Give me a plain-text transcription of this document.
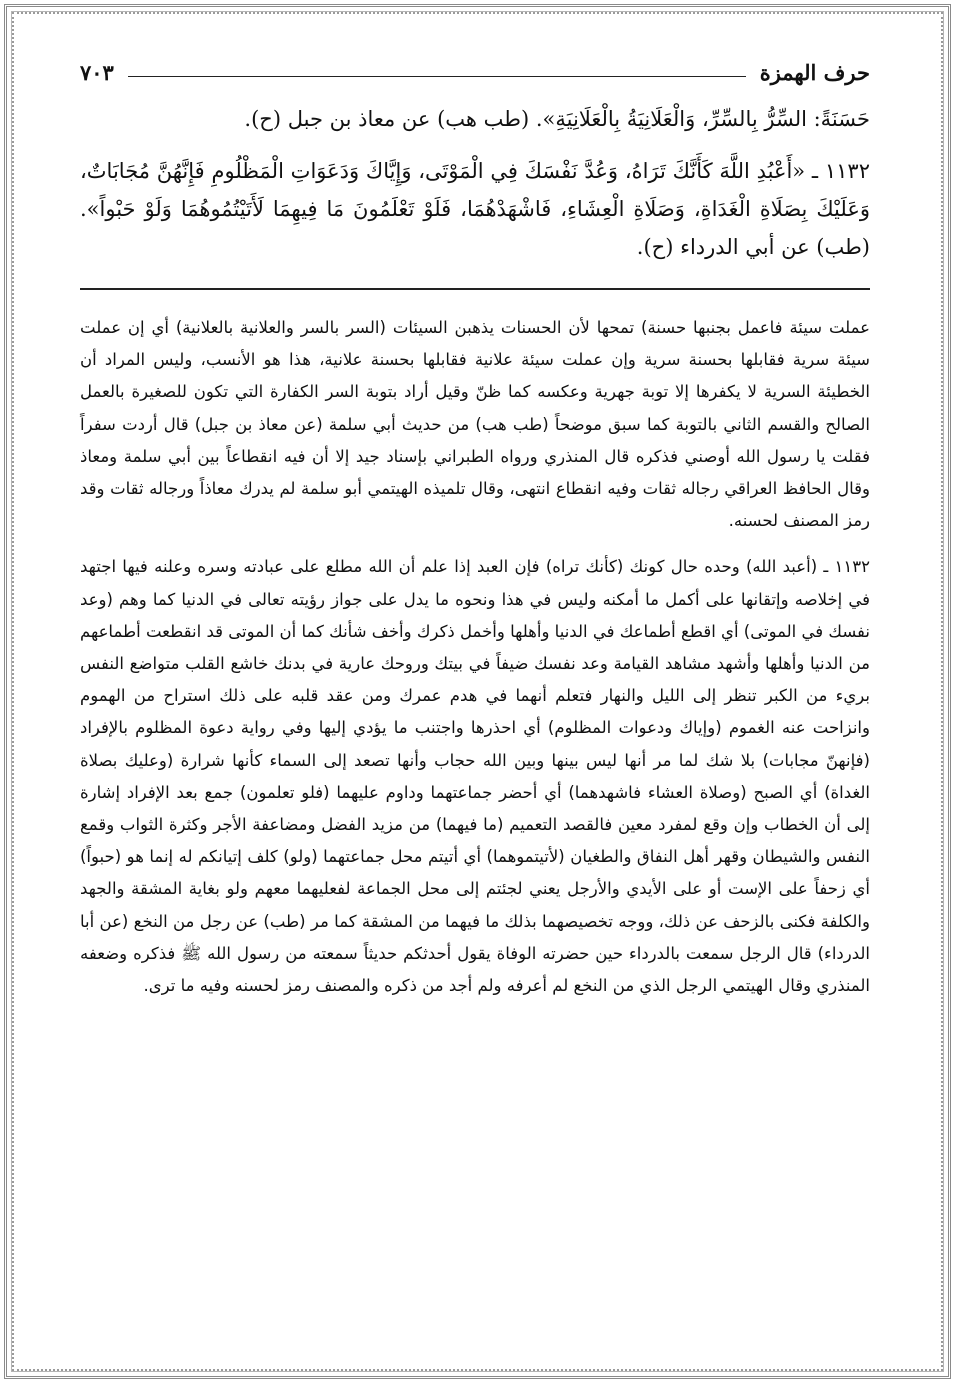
حرف الهمزة
٧٠٣

حَسَنَةً: السِّرُّ بِالسِّرِّ، وَالْعَلَانِيَةُ بِالْعَلَانِيَةِ». (طب هب) عن معاذ بن جبل (ح).

١١٣٢ ـ «أَعْبُدِ اللَّهَ كَأَنَّكَ تَرَاهُ، وَعُدَّ نَفْسَكَ فِي الْمَوْتَى، وَإِيَّاكَ وَدَعَوَاتِ الْمَظْلُومِ فَإِنَّهُنَّ مُجَابَاتٌ، وَعَلَيْكَ بِصَلَاةِ الْغَدَاةِ، وَصَلَاةِ الْعِشَاءِ، فَاشْهَدْهُمَا، فَلَوْ تَعْلَمُونَ مَا فِيهِمَا لَأَتَيْتُمُوهُمَا وَلَوْ حَبْواً». (طب) عن أبي الدرداء (ح).

عملت سيئة فاعمل بجنبها حسنة) تمحها لأن الحسنات يذهبن السيئات (السر بالسر والعلانية بالعلانية) أي إن عملت سيئة سرية فقابلها بحسنة سرية وإن عملت سيئة علانية فقابلها بحسنة علانية، هذا هو الأنسب، وليس المراد أن الخطيئة السرية لا يكفرها إلا توبة جهرية وعكسه كما ظنّ وقيل أراد بتوبة السر الكفارة التي تكون للصغيرة بالعمل الصالح والقسم الثاني بالتوبة كما سبق موضحاً (طب هب) من حديث أبي سلمة (عن معاذ بن جبل) قال أردت سفراً فقلت يا رسول الله أوصني فذكره قال المنذري ورواه الطبراني بإسناد جيد إلا أن فيه انقطاعاً بين أبي سلمة ومعاذ وقال الحافظ العراقي رجاله ثقات وفيه انقطاع انتهى، وقال تلميذه الهيتمي أبو سلمة لم يدرك معاذاً ورجاله ثقات وقد رمز المصنف لحسنه.

١١٣٢ ـ (أعبد الله) وحده حال كونك (كأنك تراه) فإن العبد إذا علم أن الله مطلع على عبادته وسره وعلنه فيها اجتهد في إخلاصه وإتقانها على أكمل ما أمكنه وليس في هذا ونحوه ما يدل على جواز رؤيته تعالى في الدنيا كما وهم (وعد نفسك في الموتى) أي اقطع أطماعك في الدنيا وأهلها وأخمل ذكرك وأخف شأنك كما أن الموتى قد انقطعت أطماعهم من الدنيا وأهلها وأشهد مشاهد القيامة وعد نفسك ضيفاً في بيتك وروحك عارية في بدنك خاشع القلب متواضع النفس بريء من الكبر تنظر إلى الليل والنهار فتعلم أنهما في هدم عمرك ومن عقد قلبه على ذلك استراح من الهموم وانزاحت عنه الغموم (وإياك ودعوات المظلوم) أي احذرها واجتنب ما يؤدي إليها وفي رواية دعوة المظلوم بالإفراد (فإنهنّ مجابات) بلا شك لما مر أنها ليس بينها وبين الله حجاب وأنها تصعد إلى السماء كأنها شرارة (وعليك بصلاة الغداة) أي الصبح (وصلاة العشاء فاشهدهما) أي أحضر جماعتهما وداوم عليهما (فلو تعلمون) جمع بعد الإفراد إشارة إلى أن الخطاب وإن وقع لمفرد معين فالقصد التعميم (ما فيهما) من مزيد الفضل ومضاعفة الأجر وكثرة الثواب وقمع النفس والشيطان وقهر أهل النفاق والطغيان (لأتيتموهما) أي أتيتم محل جماعتهما (ولو) كلف إتيانكم له إنما هو (حبواً) أي زحفاً على الإست أو على الأيدي والأرجل يعني لجئتم إلى محل الجماعة لفعليهما معهم ولو بغاية المشقة والجهد والكلفة فكنى بالزحف عن ذلك، ووجه تخصيصهما بذلك ما فيهما من المشقة كما مر (طب) عن رجل من النخع (عن أبا الدرداء) قال الرجل سمعت بالدرداء حين حضرته الوفاة يقول أحدثكم حديثاً سمعته من رسول الله ﷺ فذكره وضعفه المنذري وقال الهيتمي الرجل الذي من النخع لم أعرفه ولم أجد من ذكره والمصنف رمز لحسنه وفيه ما ترى.
